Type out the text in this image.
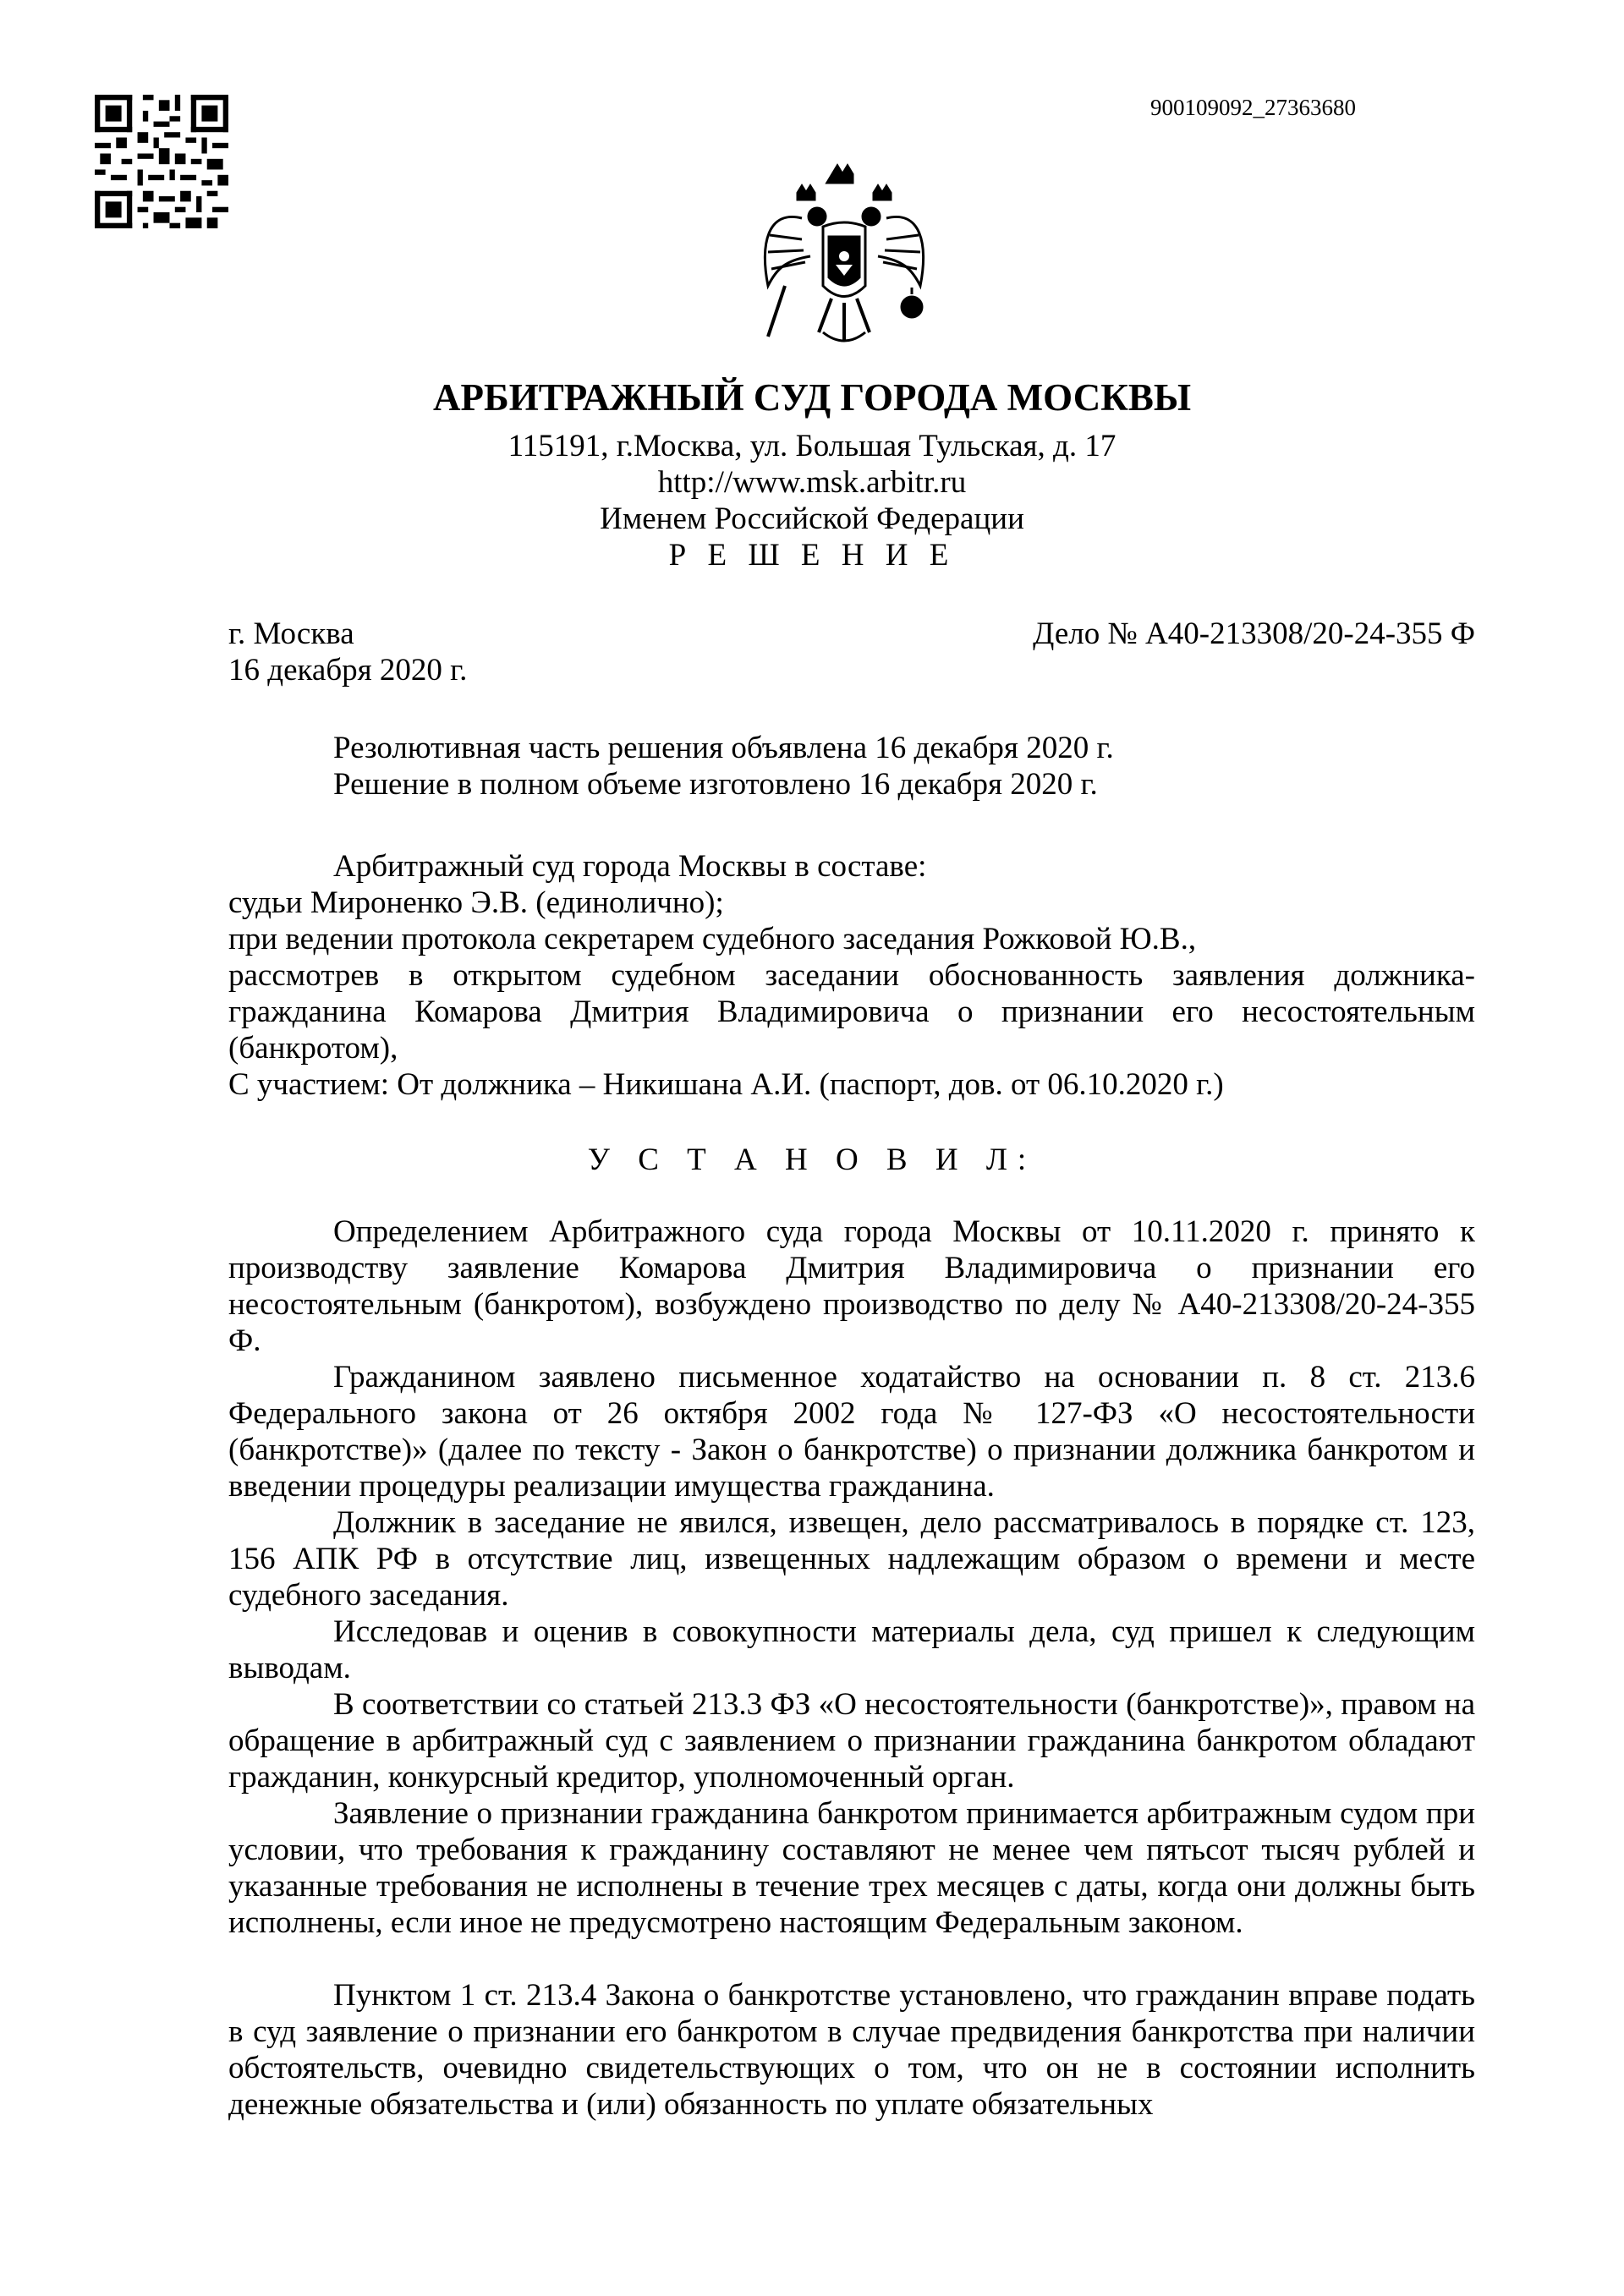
900109092_27363680
АРБИТРАЖНЫЙ СУД ГОРОДА МОСКВЫ
115191, г.Москва, ул. Большая Тульская, д. 17
http://www.msk.arbitr.ru
Именем Российской Федерации
Р Е Ш Е Н И Е
г. Москва	Дело № А40-213308/20-24-355 Ф
16 декабря 2020 г.
Резолютивная часть решения объявлена 16 декабря 2020 г.
Решение в полном объеме изготовлено 16 декабря 2020 г.
Арбитражный суд города Москвы в составе:
судьи Мироненко Э.В. (единолично);
при ведении протокола секретарем судебного заседания Рожковой Ю.В.,
рассмотрев в открытом судебном заседании обоснованность заявления должника-гражданина Комарова Дмитрия Владимировича о признании его несостоятельным (банкротом),
С участием: От должника – Никишана А.И. (паспорт, дов. от 06.10.2020 г.)
У С Т А Н О В И Л:
Определением Арбитражного суда города Москвы от 10.11.2020 г. принято к производству заявление Комарова Дмитрия Владимировича о признании его несостоятельным (банкротом), возбуждено производство по делу № А40-213308/20-24-355 Ф.
Гражданином заявлено письменное ходатайство на основании п. 8 ст. 213.6 Федерального закона от 26 октября 2002 года № 127-ФЗ «О несостоятельности (банкротстве)» (далее по тексту - Закон о банкротстве) о признании должника банкротом и введении процедуры реализации имущества гражданина.
Должник в заседание не явился, извещен, дело рассматривалось в порядке ст. 123, 156 АПК РФ в отсутствие лиц, извещенных надлежащим образом о времени и месте судебного заседания.
Исследовав и оценив в совокупности материалы дела, суд пришел к следующим выводам.
В соответствии со статьей 213.3 ФЗ «О несостоятельности (банкротстве)», правом на обращение в арбитражный суд с заявлением о признании гражданина банкротом обладают гражданин, конкурсный кредитор, уполномоченный орган.
Заявление о признании гражданина банкротом принимается арбитражным судом при условии, что требования к гражданину составляют не менее чем пятьсот тысяч рублей и указанные требования не исполнены в течение трех месяцев с даты, когда они должны быть исполнены, если иное не предусмотрено настоящим Федеральным законом.
Пунктом 1 ст. 213.4 Закона о банкротстве установлено, что гражданин вправе подать в суд заявление о признании его банкротом в случае предвидения банкротства при наличии обстоятельств, очевидно свидетельствующих о том, что он не в состоянии исполнить денежные обязательства и (или) обязанность по уплате обязательных
